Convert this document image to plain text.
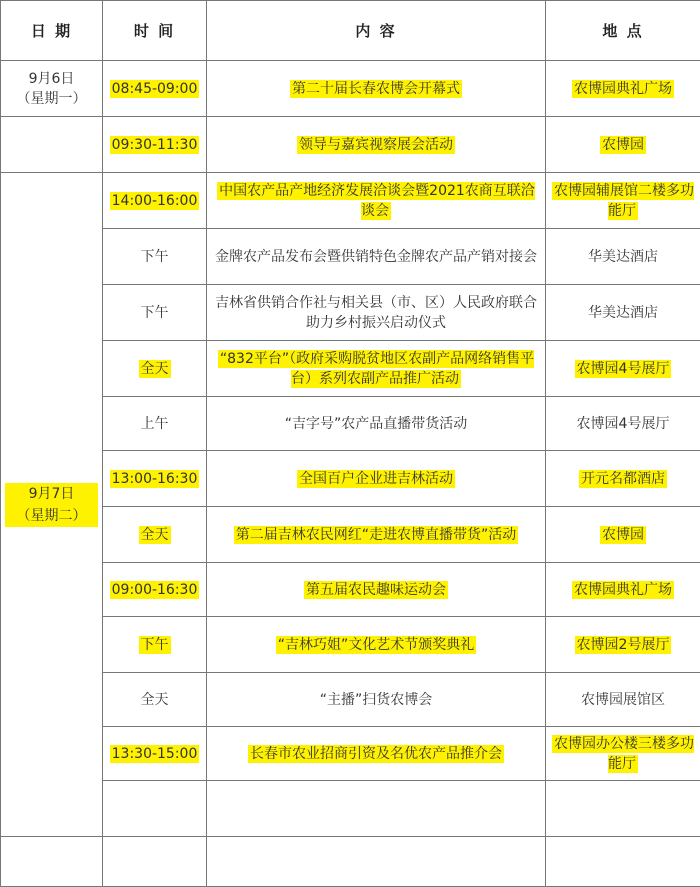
日 期	时 间	内 容	地 点

9月6日
（星期一）	08:45-09:00	第二十届长春农博会开幕式	农博园典礼广场
	09:30-11:30	领导与嘉宾视察展会活动	农博园

9月7日
（星期二）	14:00-16:00	中国农产品产地经济发展洽谈会暨2021农商互联洽谈会	农博园辅展馆二楼多功能厅
	下午	金牌农产品发布会暨供销特色金牌农产品产销对接会	华美达酒店
	下午	吉林省供销合作社与相关县（市、区）人民政府联合助力乡村振兴启动仪式	华美达酒店
	全天	“832平台”（政府采购脱贫地区农副产品网络销售平台）系列农副产品推广活动	农博园4号展厅
	上午	“吉字号”农产品直播带货活动	农博园4号展厅
	13:00-16:30	全国百户企业进吉林活动	开元名都酒店
	全天	第二届吉林农民网红“走进农博直播带货”活动	农博园
	09:00-16:30	第五届农民趣味运动会	农博园典礼广场
	下午	“吉林巧姐”文化艺术节颁奖典礼	农博园2号展厅
	全天	“主播”扫货农博会	农博园展馆区
	13:30-15:00	长春市农业招商引资及名优农产品推介会	农博园办公楼三楼多功能厅
